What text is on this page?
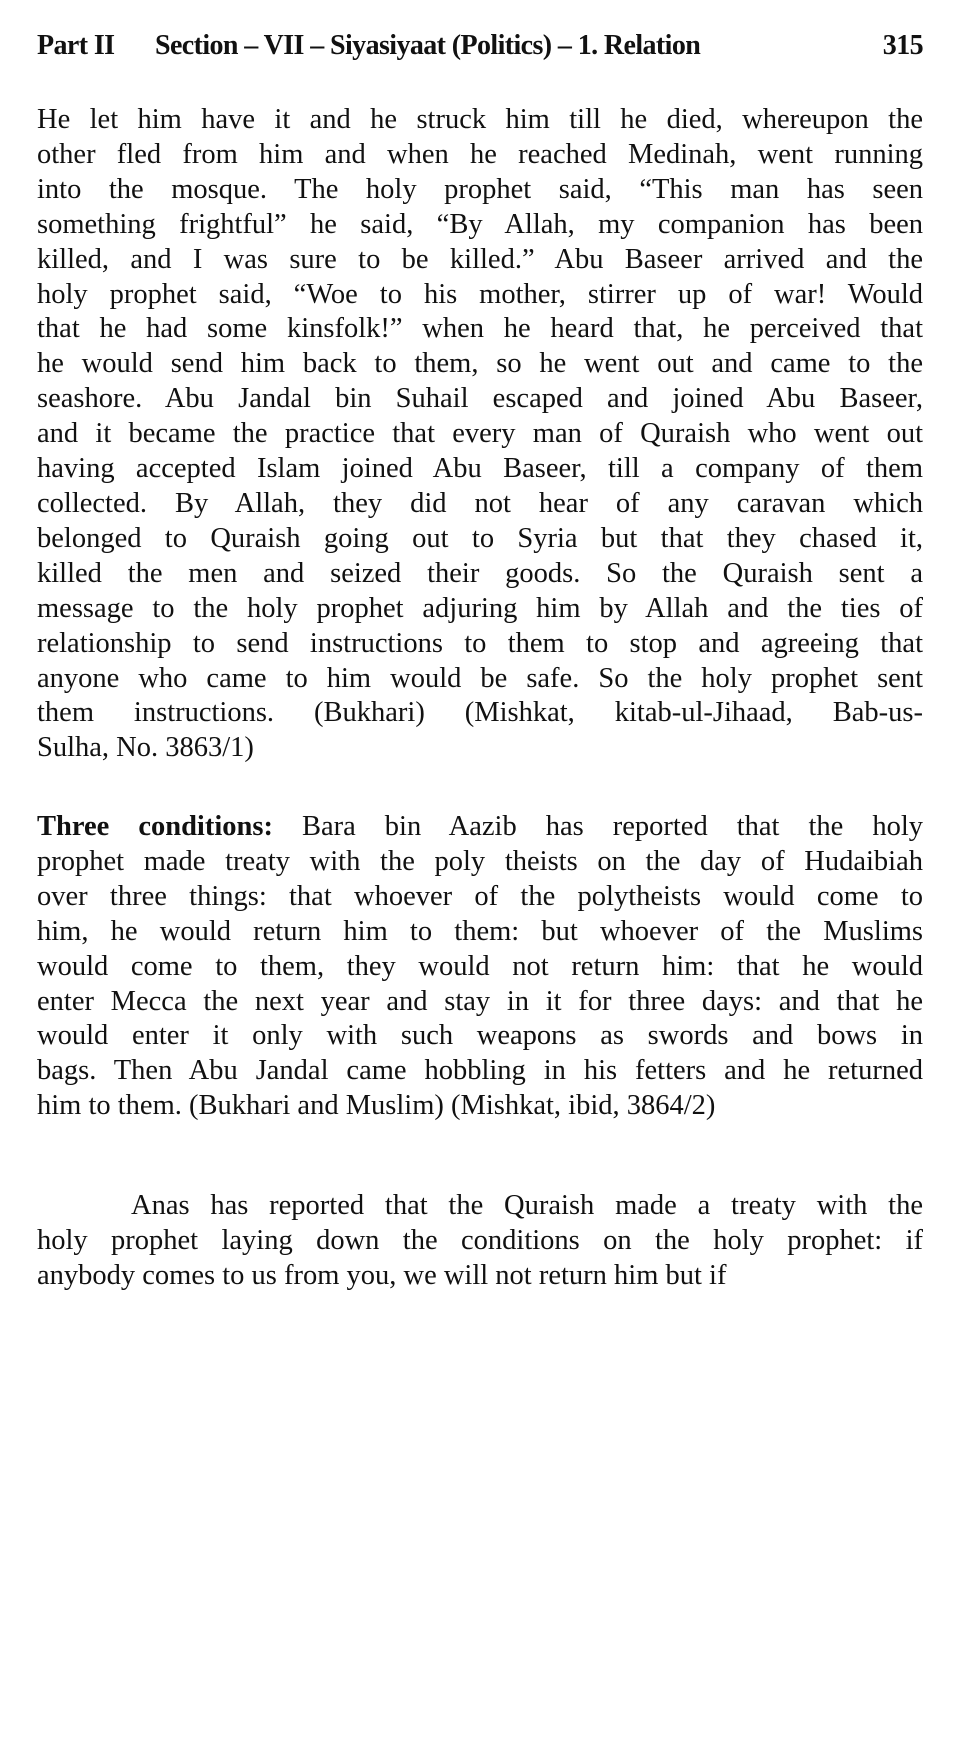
Part II	Section – VII – Siyasiyaat (Politics) – 1. Relation	315
He let him have it and he struck him till he died, whereupon the
other fled from him and when he reached Medinah, went running
into the mosque. The holy prophet said, “This man has seen
something frightful” he said, “By Allah, my companion has been
killed, and I was sure to be killed.” Abu Baseer arrived and the
holy prophet said, “Woe to his mother, stirrer up of war! Would
that he had some kinsfolk!” when he heard that, he perceived that
he would send him back to them, so he went out and came to the
seashore. Abu Jandal bin Suhail escaped and joined Abu Baseer,
and it became the practice that every man of Quraish who went out
having accepted Islam joined Abu Baseer, till a company of them
collected. By Allah, they did not hear of any caravan which
belonged to Quraish going out to Syria but that they chased it,
killed the men and seized their goods. So the Quraish sent a
message to the holy prophet adjuring him by Allah and the ties of
relationship to send instructions to them to stop and agreeing that
anyone who came to him would be safe. So the holy prophet sent
them instructions. (Bukhari) (Mishkat, kitab-ul-Jihaad, Bab-us-
Sulha, No. 3863/1)
Three conditions: Bara bin Aazib has reported that the holy
prophet made treaty with the poly theists on the day of Hudaibiah
over three things: that whoever of the polytheists would come to
him, he would return him to them: but whoever of the Muslims
would come to them, they would not return him: that he would
enter Mecca the next year and stay in it for three days: and that he
would enter it only with such weapons as swords and bows in
bags. Then Abu Jandal came hobbling in his fetters and he returned
him to them. (Bukhari and Muslim) (Mishkat, ibid, 3864/2)
Anas has reported that the Quraish made a treaty with the
holy prophet laying down the conditions on the holy prophet: if
anybody comes to us from you, we will not return him but if
